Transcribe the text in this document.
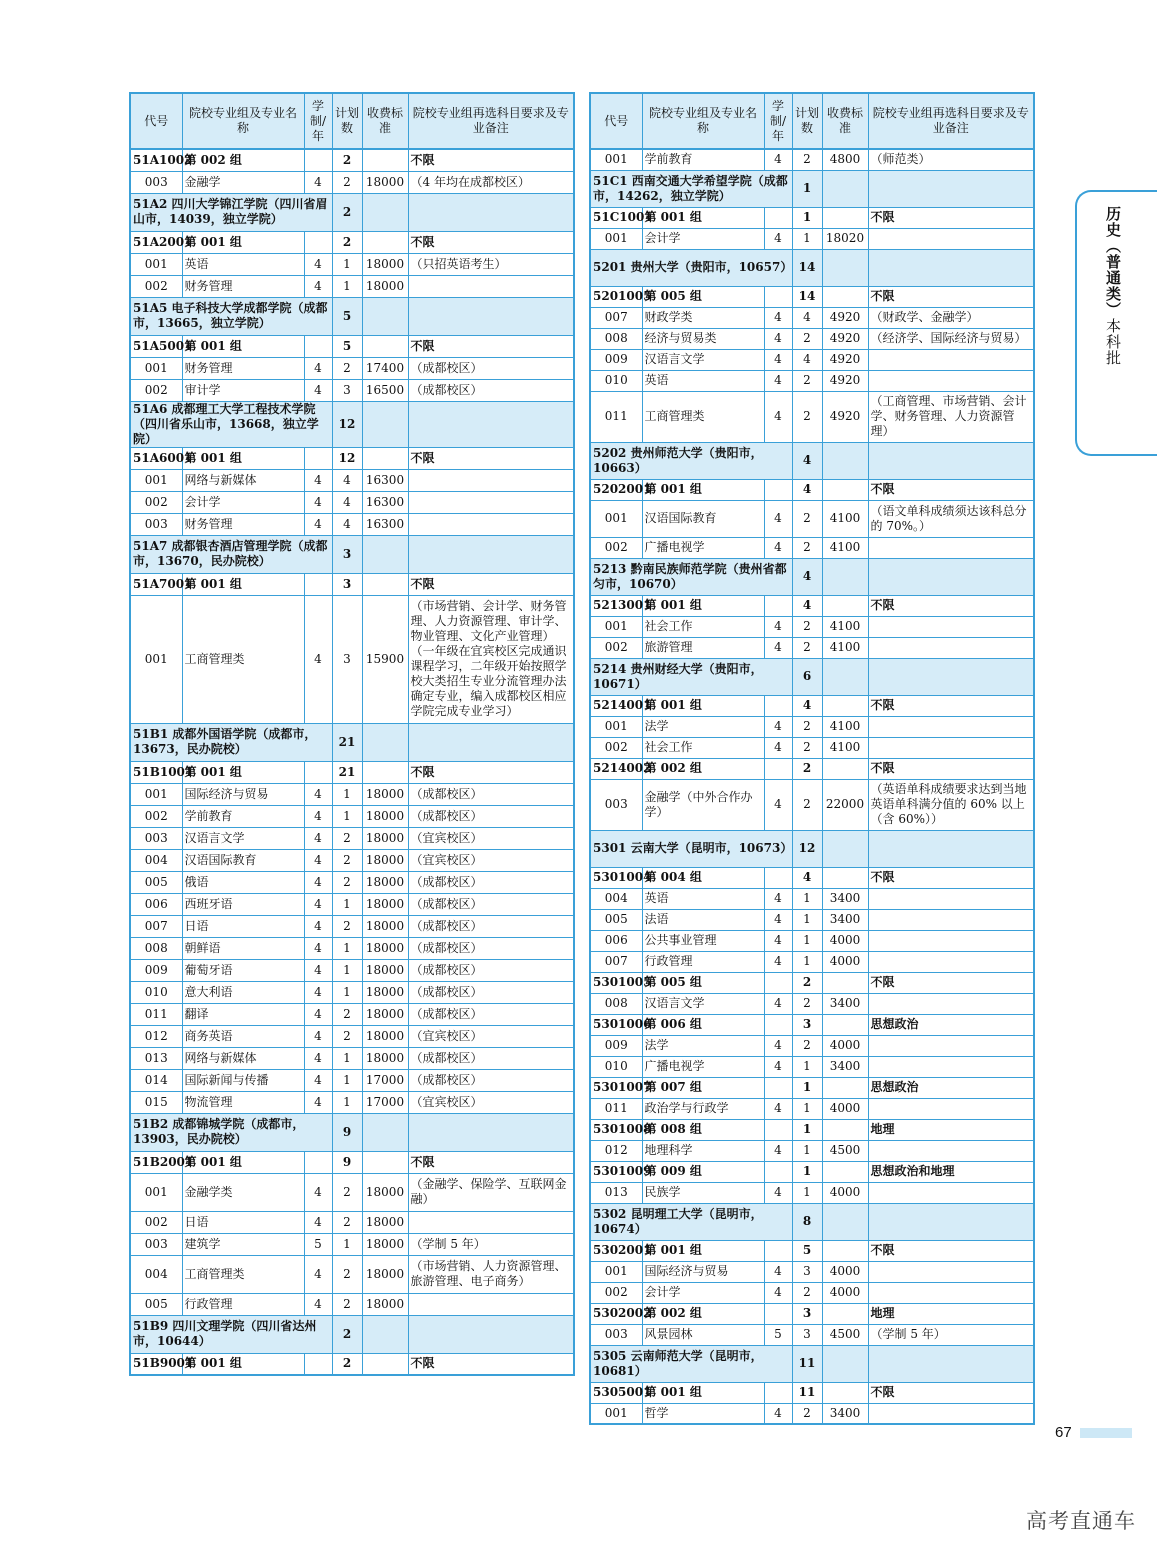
代号	院校专业组及专业名称	学制/年	计划数	收费标准	院校专业组再选科目要求及专业备注
51A1002	第 002 组		2		不限
003	金融学	4	2	18000	（4 年均在成都校区）
51A2 四川大学锦江学院（四川省眉山市，14039，独立学院）			2		
51A2001	第 001 组		2		不限
001	英语	4	1	18000	（只招英语考生）
002	财务管理	4	1	18000	
51A5 电子科技大学成都学院（成都市，13665，独立学院）			5		
51A5001	第 001 组		5		不限
001	财务管理	4	2	17400	（成都校区）
002	审计学	4	3	16500	（成都校区）
51A6 成都理工大学工程技术学院（四川省乐山市，13668，独立学院）			12		
51A6001	第 001 组		12		不限
001	网络与新媒体	4	4	16300	
002	会计学	4	4	16300	
003	财务管理	4	4	16300	
51A7 成都银杏酒店管理学院（成都市，13670，民办院校）			3		
51A7001	第 001 组		3		不限
001	工商管理类	4	3	15900	（市场营销、会计学、财务管理、人力资源管理、审计学、物业管理、文化产业管理）（一年级在宜宾校区完成通识课程学习，二年级开始按照学校大类招生专业分流管理办法确定专业，编入成都校区相应学院完成专业学习）
51B1 成都外国语学院（成都市，13673，民办院校）			21		
51B1001	第 001 组		21		不限
001	国际经济与贸易	4	1	18000	（成都校区）
002	学前教育	4	1	18000	（成都校区）
003	汉语言文学	4	2	18000	（宜宾校区）
004	汉语国际教育	4	2	18000	（宜宾校区）
005	俄语	4	2	18000	（成都校区）
006	西班牙语	4	1	18000	（成都校区）
007	日语	4	2	18000	（成都校区）
008	朝鲜语	4	1	18000	（成都校区）
009	葡萄牙语	4	1	18000	（成都校区）
010	意大利语	4	1	18000	（成都校区）
011	翻译	4	2	18000	（成都校区）
012	商务英语	4	2	18000	（宜宾校区）
013	网络与新媒体	4	1	18000	（成都校区）
014	国际新闻与传播	4	1	17000	（成都校区）
015	物流管理	4	1	17000	（宜宾校区）
51B2 成都锦城学院（成都市，13903，民办院校）			9		
51B2001	第 001 组		9		不限
001	金融学类	4	2	18000	（金融学、保险学、互联网金融）
002	日语	4	2	18000	
003	建筑学	5	1	18000	（学制 5 年）
004	工商管理类	4	2	18000	（市场营销、人力资源管理、旅游管理、电子商务）
005	行政管理	4	2	18000	
51B9 四川文理学院（四川省达州市，10644）			2		
51B9001	第 001 组		2		不限
代号	院校专业组及专业名称	学制/年	计划数	收费标准	院校专业组再选科目要求及专业备注
001	学前教育	4	2	4800	（师范类）
51C1 西南交通大学希望学院（成都市，14262，独立学院）			1		
51C1001	第 001 组		1		不限
001	会计学	4	1	18020	
5201 贵州大学（贵阳市，10657）			14		
5201005	第 005 组		14		不限
007	财政学类	4	4	4920	（财政学、金融学）
008	经济与贸易类	4	2	4920	（经济学、国际经济与贸易）
009	汉语言文学	4	4	4920	
010	英语	4	2	4920	
011	工商管理类	4	2	4920	（工商管理、市场营销、会计学、财务管理、人力资源管理）
5202 贵州师范大学（贵阳市，10663）			4		
5202001	第 001 组		4		不限
001	汉语国际教育	4	2	4100	（语文单科成绩须达该科总分的 70%。）
002	广播电视学	4	2	4100	
5213 黔南民族师范学院（贵州省都匀市，10670）			4		
5213001	第 001 组		4		不限
001	社会工作	4	2	4100	
002	旅游管理	4	2	4100	
5214 贵州财经大学（贵阳市，10671）			6		
5214001	第 001 组		4		不限
001	法学	4	2	4100	
002	社会工作	4	2	4100	
5214002	第 002 组		2		不限
003	金融学（中外合作办学）	4	2	22000	（英语单科成绩要求达到当地英语单科满分值的 60% 以上（含 60%））
5301 云南大学（昆明市，10673）			12		
5301004	第 004 组		4		不限
004	英语	4	1	3400	
005	法语	4	1	3400	
006	公共事业管理	4	1	4000	
007	行政管理	4	1	4000	
5301005	第 005 组		2		不限
008	汉语言文学	4	2	3400	
5301006	第 006 组		3		思想政治
009	法学	4	2	4000	
010	广播电视学	4	1	3400	
5301007	第 007 组		1		思想政治
011	政治学与行政学	4	1	4000	
5301008	第 008 组		1		地理
012	地理科学	4	1	4500	
5301009	第 009 组		1		思想政治和地理
013	民族学	4	1	4000	
5302 昆明理工大学（昆明市，10674）			8		
5302001	第 001 组		5		不限
001	国际经济与贸易	4	3	4000	
002	会计学	4	2	4000	
5302002	第 002 组		3		地理
003	风景园林	5	3	4500	（学制 5 年）
5305 云南师范大学（昆明市，10681）			11		
5305001	第 001 组		11		不限
001	哲学	4	2	3400	
历史（普通类）本科批
67
高考直通车
